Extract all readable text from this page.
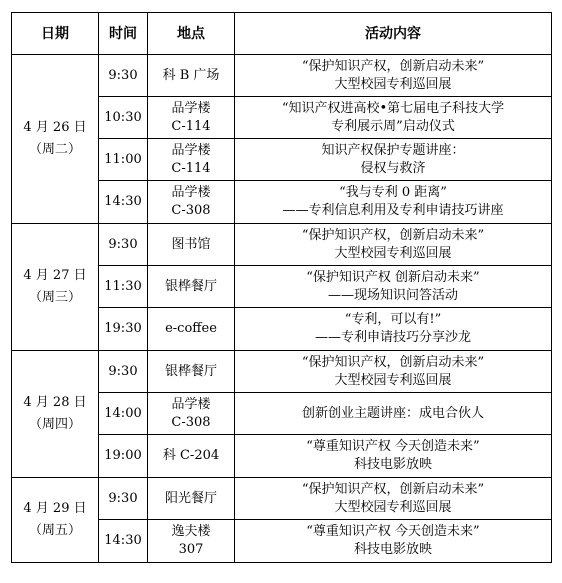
日期	时间	地点	活动内容

4 月 26 日
（周二）	9:30	科 B 广场	“保护知识产权，创新启动未来”
大型校园专利巡回展

	10:30	品学楼
C-114	“知识产权进高校•第七届电子科技大学
专利展示周”启动仪式

	11:00	品学楼
C-114	知识产权保护专题讲座：
侵权与救济

	14:30	品学楼
C-308	“我与专利 0 距离”
——专利信息利用及专利申请技巧讲座

4 月 27 日
（周三）	9:30	图书馆	“保护知识产权，创新启动未来”
大型校园专利巡回展

	11:30	银桦餐厅	“保护知识产权 创新启动未来”
——现场知识问答活动

	19:30	e-coffee	“专利，可以有!”
——专利申请技巧分享沙龙

4 月 28 日
（周四）	9:30	银桦餐厅	“保护知识产权，创新启动未来”
大型校园专利巡回展

	14:00	品学楼
C-308	创新创业主题讲座：成电合伙人

	19:00	科 C-204	“尊重知识产权 今天创造未来”
科技电影放映

4 月 29 日
（周五）	9:30	阳光餐厅	“保护知识产权，创新启动未来”
大型校园专利巡回展

	14:30	逸夫楼
307	“尊重知识产权 今天创造未来”
科技电影放映
